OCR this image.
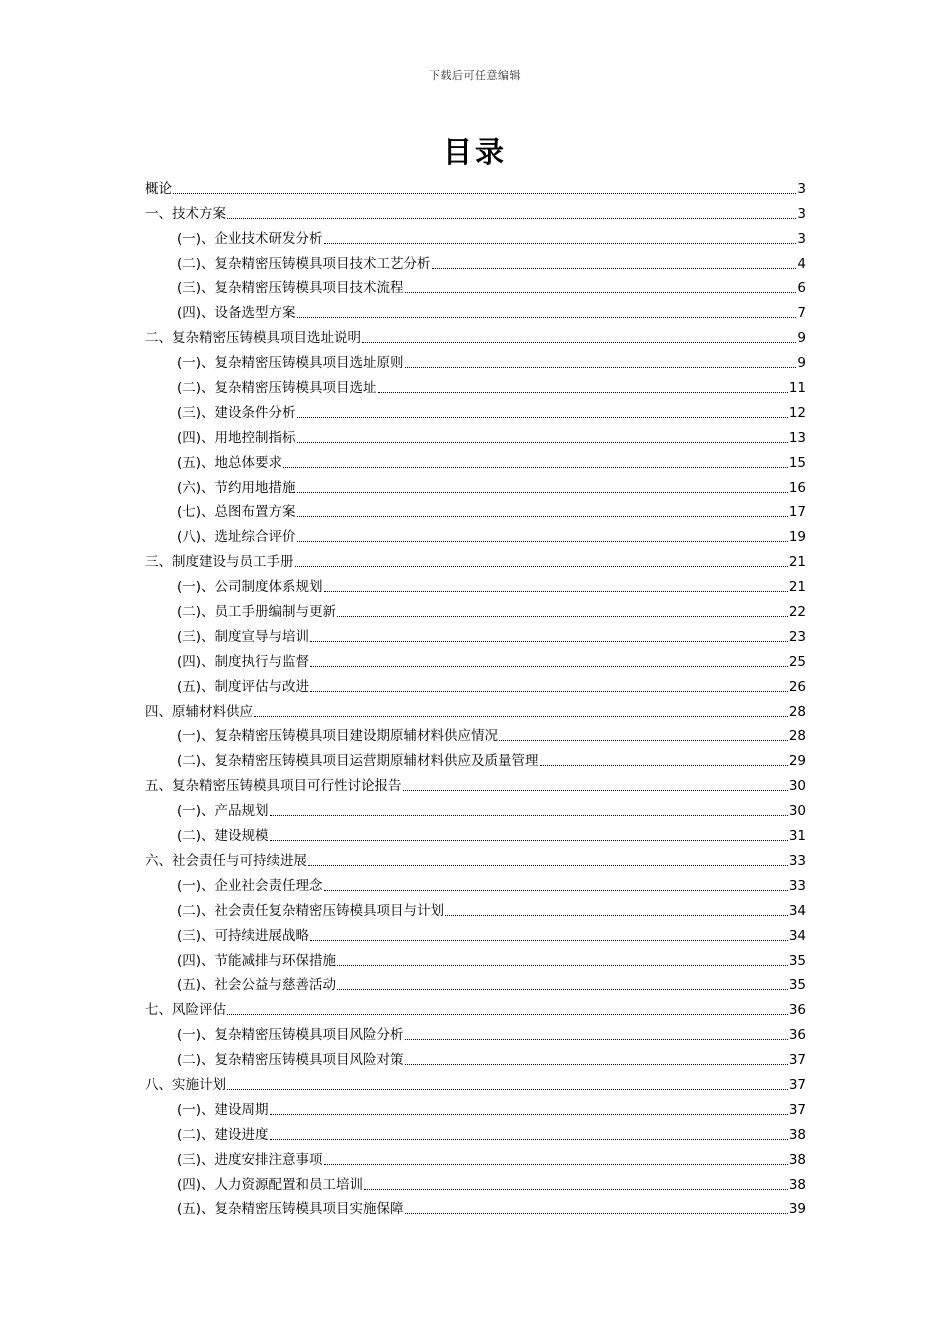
下载后可任意编辑
目录
概论	3
一、技术方案	3
(一)、企业技术研发分析	3
(二)、复杂精密压铸模具项目技术工艺分析	4
(三)、复杂精密压铸模具项目技术流程	6
(四)、设备选型方案	7
二、复杂精密压铸模具项目选址说明	9
(一)、复杂精密压铸模具项目选址原则	9
(二)、复杂精密压铸模具项目选址	11
(三)、建设条件分析	12
(四)、用地控制指标	13
(五)、地总体要求	15
(六)、节约用地措施	16
(七)、总图布置方案	17
(八)、选址综合评价	19
三、制度建设与员工手册	21
(一)、公司制度体系规划	21
(二)、员工手册编制与更新	22
(三)、制度宣导与培训	23
(四)、制度执行与监督	25
(五)、制度评估与改进	26
四、原辅材料供应	28
(一)、复杂精密压铸模具项目建设期原辅材料供应情况	28
(二)、复杂精密压铸模具项目运营期原辅材料供应及质量管理	29
五、复杂精密压铸模具项目可行性讨论报告	30
(一)、产品规划	30
(二)、建设规模	31
六、社会责任与可持续进展	33
(一)、企业社会责任理念	33
(二)、社会责任复杂精密压铸模具项目与计划	34
(三)、可持续进展战略	34
(四)、节能减排与环保措施	35
(五)、社会公益与慈善活动	35
七、风险评估	36
(一)、复杂精密压铸模具项目风险分析	36
(二)、复杂精密压铸模具项目风险对策	37
八、实施计划	37
(一)、建设周期	37
(二)、建设进度	38
(三)、进度安排注意事项	38
(四)、人力资源配置和员工培训	38
(五)、复杂精密压铸模具项目实施保障	39
